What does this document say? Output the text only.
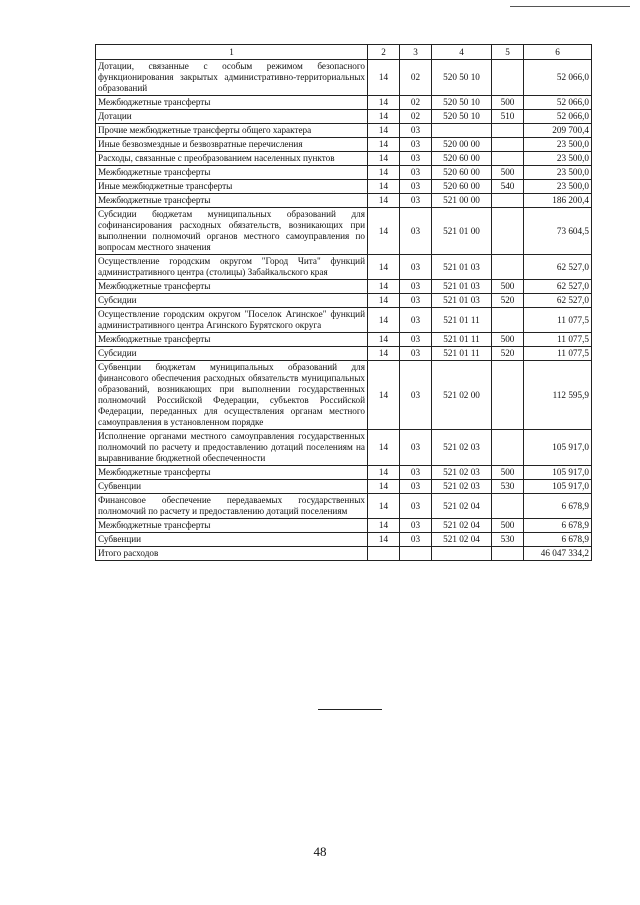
1	2	3	4	5	6
Дотации, связанные с особым режимом безопасного функционирования закрытых административно-территориальных образований	14	02	520 50 10		52 066,0
Межбюджетные трансферты	14	02	520 50 10	500	52 066,0
Дотации	14	02	520 50 10	510	52 066,0
Прочие межбюджетные трансферты общего характера	14	03			209 700,4
Иные безвозмездные и безвозвратные перечисления	14	03	520 00 00		23 500,0
Расходы, связанные с преобразованием населенных пунктов	14	03	520 60 00		23 500,0
Межбюджетные трансферты	14	03	520 60 00	500	23 500,0
Иные межбюджетные трансферты	14	03	520 60 00	540	23 500,0
Межбюджетные трансферты	14	03	521 00 00		186 200,4
Субсидии бюджетам муниципальных образований для софинансирования расходных обязательств, возникающих при выполнении полномочий органов местного самоуправления по вопросам местного значения	14	03	521 01 00		73 604,5
Осуществление городским округом "Город Чита" функций административного центра (столицы) Забайкальского края	14	03	521 01 03		62 527,0
Межбюджетные трансферты	14	03	521 01 03	500	62 527,0
Субсидии	14	03	521 01 03	520	62 527,0
Осуществление городским округом "Поселок Агинское" функций административного центра Агинского Бурятского округа	14	03	521 01 11		11 077,5
Межбюджетные трансферты	14	03	521 01 11	500	11 077,5
Субсидии	14	03	521 01 11	520	11 077,5
Субвенции бюджетам муниципальных образований для финансового обеспечения расходных обязательств муниципальных образований, возникающих при выполнении государственных полномочий Российской Федерации, субъектов Российской Федерации, переданных для осуществления органам местного самоуправления в установленном порядке	14	03	521 02 00		112 595,9
Исполнение органами местного самоуправления государственных полномочий по расчету и предоставлению дотаций поселениям на выравнивание бюджетной обеспеченности	14	03	521 02 03		105 917,0
Межбюджетные трансферты	14	03	521 02 03	500	105 917,0
Субвенции	14	03	521 02 03	530	105 917,0
Финансовое обеспечение передаваемых государственных полномочий по расчету и предоставлению дотаций поселениям	14	03	521 02 04		6 678,9
Межбюджетные трансферты	14	03	521 02 04	500	6 678,9
Субвенции	14	03	521 02 04	530	6 678,9
Итого расходов					46 047 334,2
48
